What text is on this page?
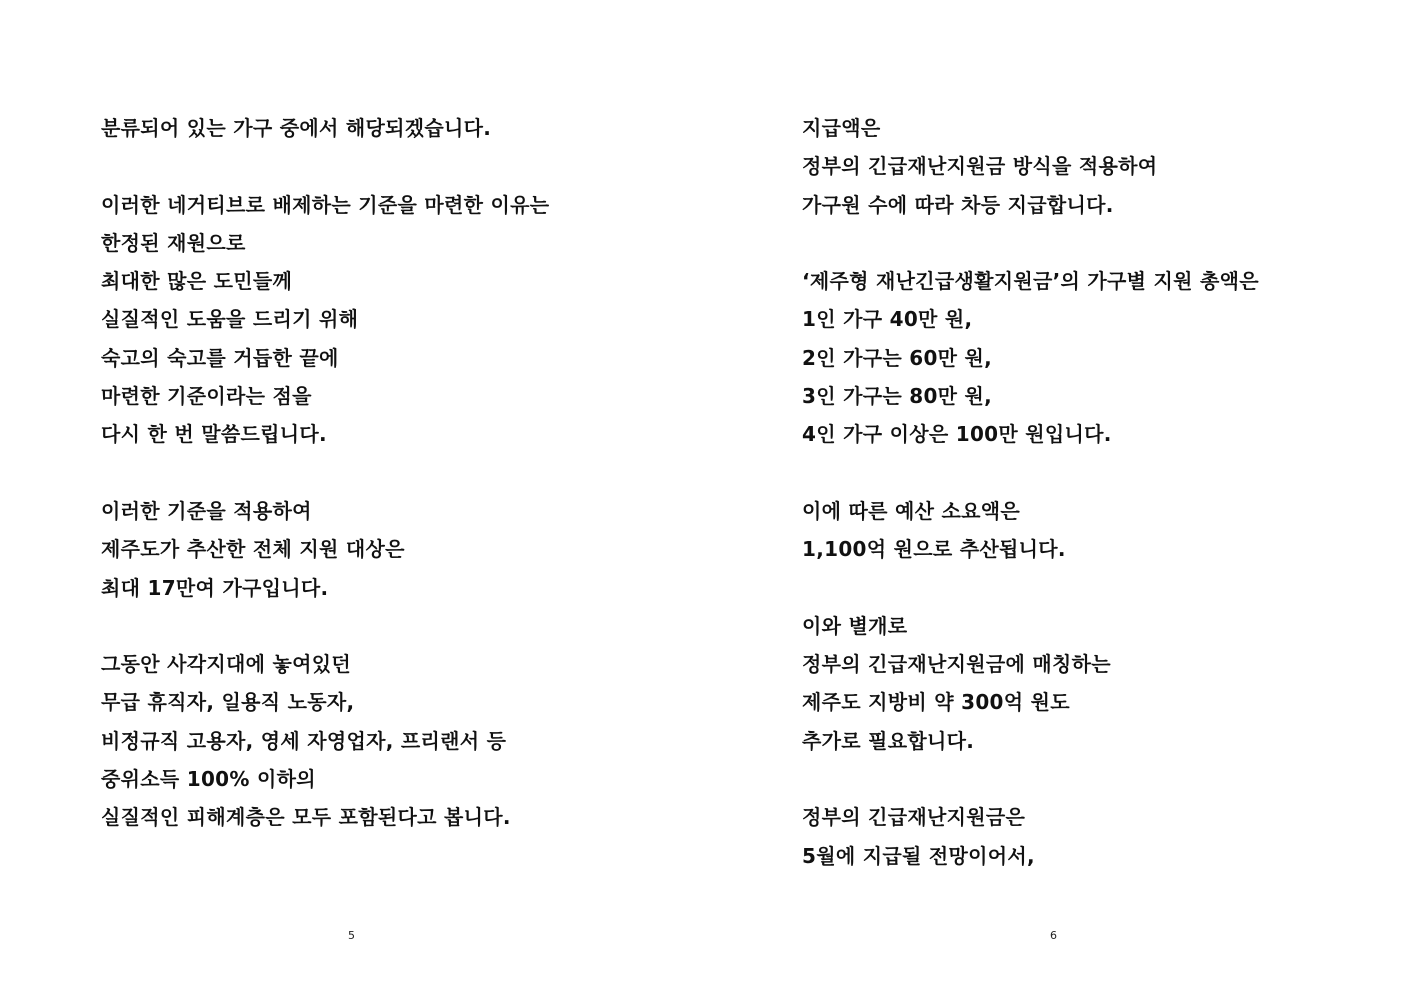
분류되어 있는 가구 중에서 해당되겠습니다.
이러한 네거티브로 배제하는 기준을 마련한 이유는
한정된 재원으로
최대한 많은 도민들께
실질적인 도움을 드리기 위해
숙고의 숙고를 거듭한 끝에
마련한 기준이라는 점을
다시 한 번 말씀드립니다.
이러한 기준을 적용하여
제주도가 추산한 전체 지원 대상은
최대 17만여 가구입니다.
그동안 사각지대에 놓여있던
무급 휴직자, 일용직 노동자,
비정규직 고용자, 영세 자영업자, 프리랜서 등
중위소득 100% 이하의
실질적인 피해계층은 모두 포함된다고 봅니다.
5
지급액은
정부의 긴급재난지원금 방식을 적용하여
가구원 수에 따라 차등 지급합니다.
‘제주형 재난긴급생활지원금’의 가구별 지원 총액은
1인 가구 40만 원,
2인 가구는 60만 원,
3인 가구는 80만 원,
4인 가구 이상은 100만 원입니다.
이에 따른 예산 소요액은
1,100억 원으로 추산됩니다.
이와 별개로
정부의 긴급재난지원금에 매칭하는
제주도 지방비 약 300억 원도
추가로 필요합니다.
정부의 긴급재난지원금은
5월에 지급될 전망이어서,
6
